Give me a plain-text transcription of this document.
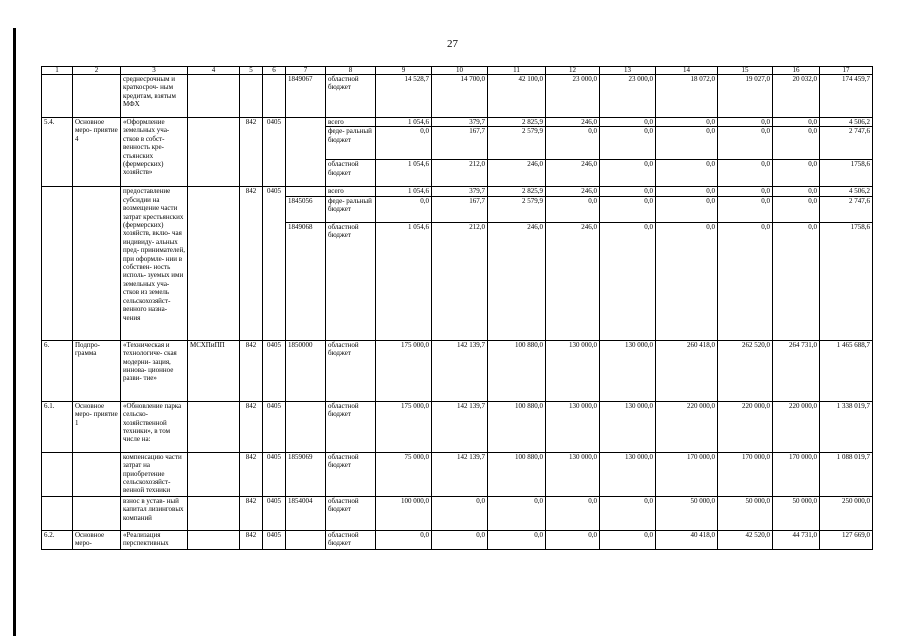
27
1	2	3	4	5	6	7	8	9	10	11	12	13	14	15	16	17
		среднесрочным и краткосроч- ным кредитам, взятым МФХ				1849067	областной бюджет	14 528,7	14 700,0	42 100,0	23 000,0	23 000,0	18 072,0	19 027,0	20 032,0	174 459,7
5.4.	Основное меро- приятие 4	«Оформление земельных уча- стков в собст- венность кре- стьянских (фермерских) хозяйств»		842	0405		всего	1 054,6	379,7	2 825,9	246,0	0,0	0,0	0,0	0,0	4 506,2
							феде- ральный бюджет	0,0	167,7	2 579,9	0,0	0,0	0,0	0,0	0,0	2 747,6
							областной бюджет	1 054,6	212,0	246,0	246,0	0,0	0,0	0,0	0,0	1758,6
		предоставление субсидии на возмещение части затрат крестьянских (фермерских) хозяйств, вклю- чая индивиду- альных пред- принимателей, при оформле- нии в собствен- ность исполь- зуемых ими земельных уча- стков из земель сельскохозяйст- венного назна- чения		842	0405		всего	1 054,6	379,7	2 825,9	246,0	0,0	0,0	0,0	0,0	4 506,2
						1845056	феде- ральный бюджет	0,0	167,7	2 579,9	0,0	0,0	0,0	0,0	0,0	2 747,6
						1849068	областной бюджет	1 054,6	212,0	246,0	246,0	0,0	0,0	0,0	0,0	1758,6
6.	Подпро- грамма	«Техническая и технологиче- ская модерни- зация, иннова- ционное разви- тие»	МСХПиПП	842	0405	1850000	областной бюджет	175 000,0	142 139,7	100 880,0	130 000,0	130 000,0	260 418,0	262 520,0	264 731,0	1 465 688,7
6.1.	Основное меро- приятие 1	«Обновление парка сельско- хозяйственной техники», в том числе на:		842	0405		областной бюджет	175 000,0	142 139,7	100 880,0	130 000,0	130 000,0	220 000,0	220 000,0	220 000,0	1 338 019,7
		компенсацию части затрат на приобретение сельскохозяйст- венной техники		842	0405	1859069	областной бюджет	75 000,0	142 139,7	100 880,0	130 000,0	130 000,0	170 000,0	170 000,0	170 000,0	1 088 019,7
		взнос в устав- ный капитал лизинговых компаний		842	0405	1854004	областной бюджет	100 000,0	0,0	0,0	0,0	0,0	50 000,0	50 000,0	50 000,0	250 000,0
6.2.	Основное меро-	«Реализация перспективных		842	0405		областной бюджет	0,0	0,0	0,0	0,0	0,0	40 418,0	42 520,0	44 731,0	127 669,0
